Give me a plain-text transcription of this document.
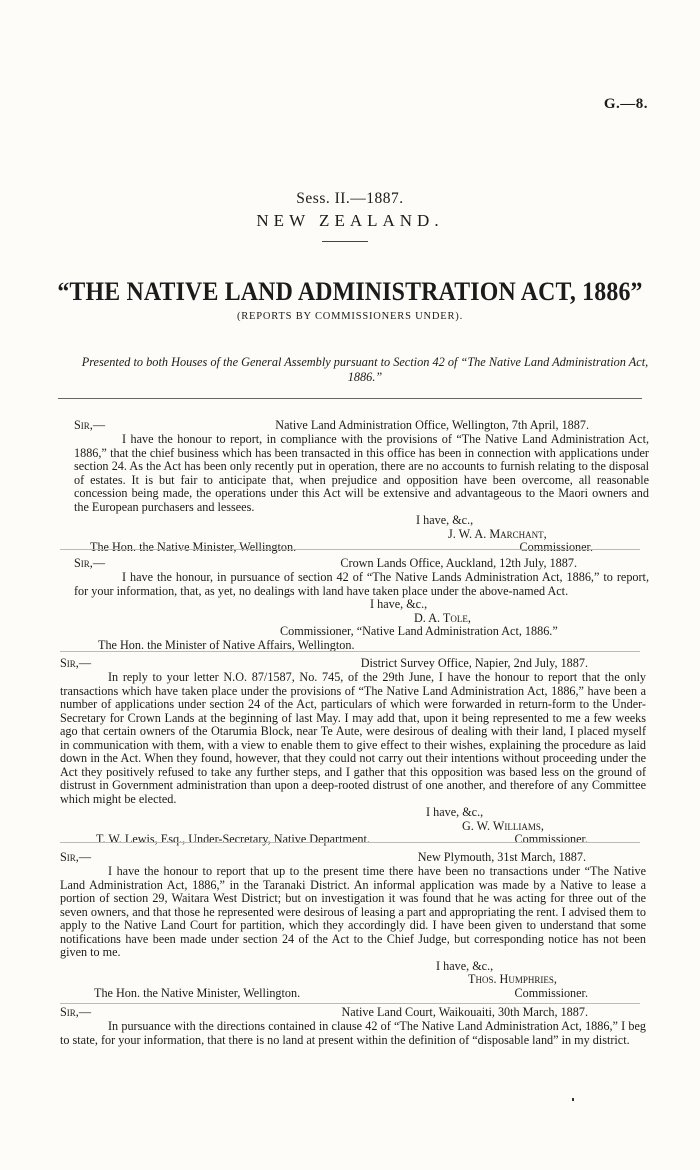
G.—8.
Sess. II.—1887.
NEW ZEALAND.
“THE NATIVE LAND ADMINISTRATION ACT, 1886”
(REPORTS BY COMMISSIONERS UNDER).
Presented to both Houses of the General Assembly pursuant to Section 42 of “The Native Land Administration Act, 1886.”
Sir,—	Native Land Administration Office, Wellington, 7th April, 1887.

I have the honour to report, in compliance with the provisions of “The Native Land Administration Act, 1886,” that the chief business which has been transacted in this office has been in connection with applications under section 24. As the Act has been only recently put in operation, there are no accounts to furnish relating to the disposal of estates. It is but fair to anticipate that, when prejudice and opposition have been overcome, all reasonable concession being made, the operations under this Act will be extensive and advantageous to the Maori owners and the European purchasers and lessees.

I have, &c.,
J. W. A. Marchant,
The Hon. the Native Minister, Wellington.	Commissioner.
Sir,—	Crown Lands Office, Auckland, 12th July, 1887.

I have the honour, in pursuance of section 42 of “The Native Lands Administration Act, 1886,” to report, for your information, that, as yet, no dealings with land have taken place under the above-named Act.

I have, &c.,
D. A. Tole,
Commissioner, “Native Land Administration Act, 1886.”
The Hon. the Minister of Native Affairs, Wellington.
Sir,—	District Survey Office, Napier, 2nd July, 1887.

In reply to your letter N.O. 87/1587, No. 745, of the 29th June, I have the honour to report that the only transactions which have taken place under the provisions of “The Native Land Administration Act, 1886,” have been a number of applications under section 24 of the Act, particulars of which were forwarded in return-form to the Under-Secretary for Crown Lands at the beginning of last May. I may add that, upon it being represented to me a few weeks ago that certain owners of the Otarumia Block, near Te Aute, were desirous of dealing with their land, I placed myself in communication with them, with a view to enable them to give effect to their wishes, explaining the procedure as laid down in the Act. When they found, however, that they could not carry out their intentions without proceeding under the Act they positively refused to take any further steps, and I gather that this opposition was based less on the ground of distrust in Government administration than upon a deep-rooted distrust of one another, and therefore of any Committee which might be elected.

I have, &c.,
G. W. Williams,
T. W. Lewis, Esq., Under-Secretary, Native Department.	Commissioner.
Sir,—	New Plymouth, 31st March, 1887.

I have the honour to report that up to the present time there have been no transactions under “The Native Land Administration Act, 1886,” in the Taranaki District. An informal application was made by a Native to lease a portion of section 29, Waitara West District; but on investigation it was found that he was acting for three out of the seven owners, and that those he represented were desirous of leasing a part and appropriating the rent. I advised them to apply to the Native Land Court for partition, which they accordingly did. I have been given to understand that some notifications have been made under section 24 of the Act to the Chief Judge, but corresponding notice has not been given to me.

I have, &c.,
Thos. Humphries,
The Hon. the Native Minister, Wellington.	Commissioner.
Sir,—	Native Land Court, Waikouaiti, 30th March, 1887.

In pursuance with the directions contained in clause 42 of “The Native Land Administration Act, 1886,” I beg to state, for your information, that there is no land at present within the definition of “disposable land” in my district.
